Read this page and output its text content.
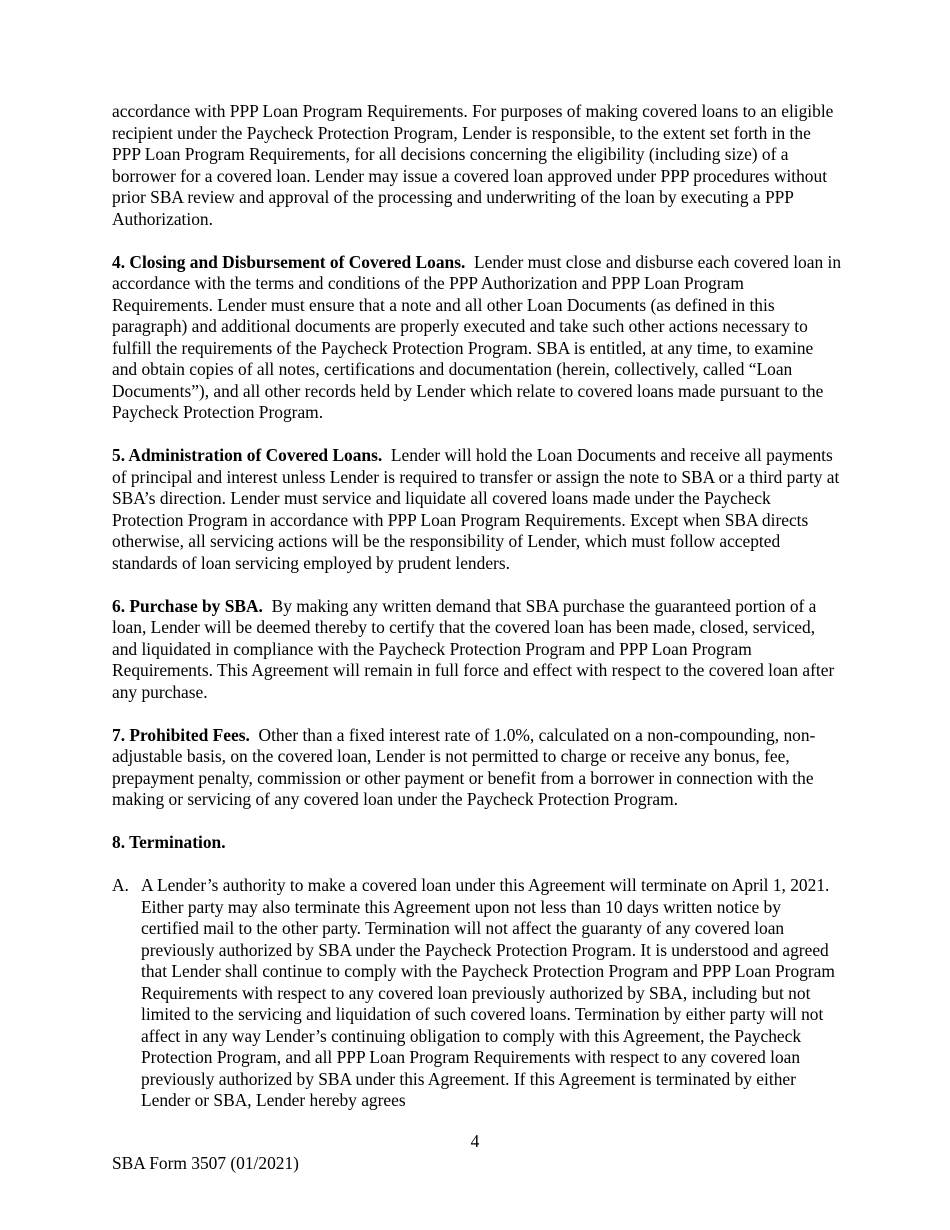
accordance with PPP Loan Program Requirements. For purposes of making covered loans to an eligible recipient under the Paycheck Protection Program, Lender is responsible, to the extent set forth in the PPP Loan Program Requirements, for all decisions concerning the eligibility (including size) of a borrower for a covered loan. Lender may issue a covered loan approved under PPP procedures without prior SBA review and approval of the processing and underwriting of the loan by executing a PPP Authorization.

4. Closing and Disbursement of Covered Loans. Lender must close and disburse each covered loan in accordance with the terms and conditions of the PPP Authorization and PPP Loan Program Requirements. Lender must ensure that a note and all other Loan Documents (as defined in this paragraph) and additional documents are properly executed and take such other actions necessary to fulfill the requirements of the Paycheck Protection Program. SBA is entitled, at any time, to examine and obtain copies of all notes, certifications and documentation (herein, collectively, called “Loan Documents”), and all other records held by Lender which relate to covered loans made pursuant to the Paycheck Protection Program.

5. Administration of Covered Loans. Lender will hold the Loan Documents and receive all payments of principal and interest unless Lender is required to transfer or assign the note to SBA or a third party at SBA’s direction. Lender must service and liquidate all covered loans made under the Paycheck Protection Program in accordance with PPP Loan Program Requirements. Except when SBA directs otherwise, all servicing actions will be the responsibility of Lender, which must follow accepted standards of loan servicing employed by prudent lenders.

6. Purchase by SBA. By making any written demand that SBA purchase the guaranteed portion of a loan, Lender will be deemed thereby to certify that the covered loan has been made, closed, serviced, and liquidated in compliance with the Paycheck Protection Program and PPP Loan Program Requirements. This Agreement will remain in full force and effect with respect to the covered loan after any purchase.

7. Prohibited Fees. Other than a fixed interest rate of 1.0%, calculated on a non-compounding, non-adjustable basis, on the covered loan, Lender is not permitted to charge or receive any bonus, fee, prepayment penalty, commission or other payment or benefit from a borrower in connection with the making or servicing of any covered loan under the Paycheck Protection Program.

8. Termination.

A. A Lender’s authority to make a covered loan under this Agreement will terminate on April 1, 2021. Either party may also terminate this Agreement upon not less than 10 days written notice by certified mail to the other party. Termination will not affect the guaranty of any covered loan previously authorized by SBA under the Paycheck Protection Program. It is understood and agreed that Lender shall continue to comply with the Paycheck Protection Program and PPP Loan Program Requirements with respect to any covered loan previously authorized by SBA, including but not limited to the servicing and liquidation of such covered loans. Termination by either party will not affect in any way Lender’s continuing obligation to comply with this Agreement, the Paycheck Protection Program, and all PPP Loan Program Requirements with respect to any covered loan previously authorized by SBA under this Agreement. If this Agreement is terminated by either Lender or SBA, Lender hereby agrees
4
SBA Form 3507 (01/2021)
